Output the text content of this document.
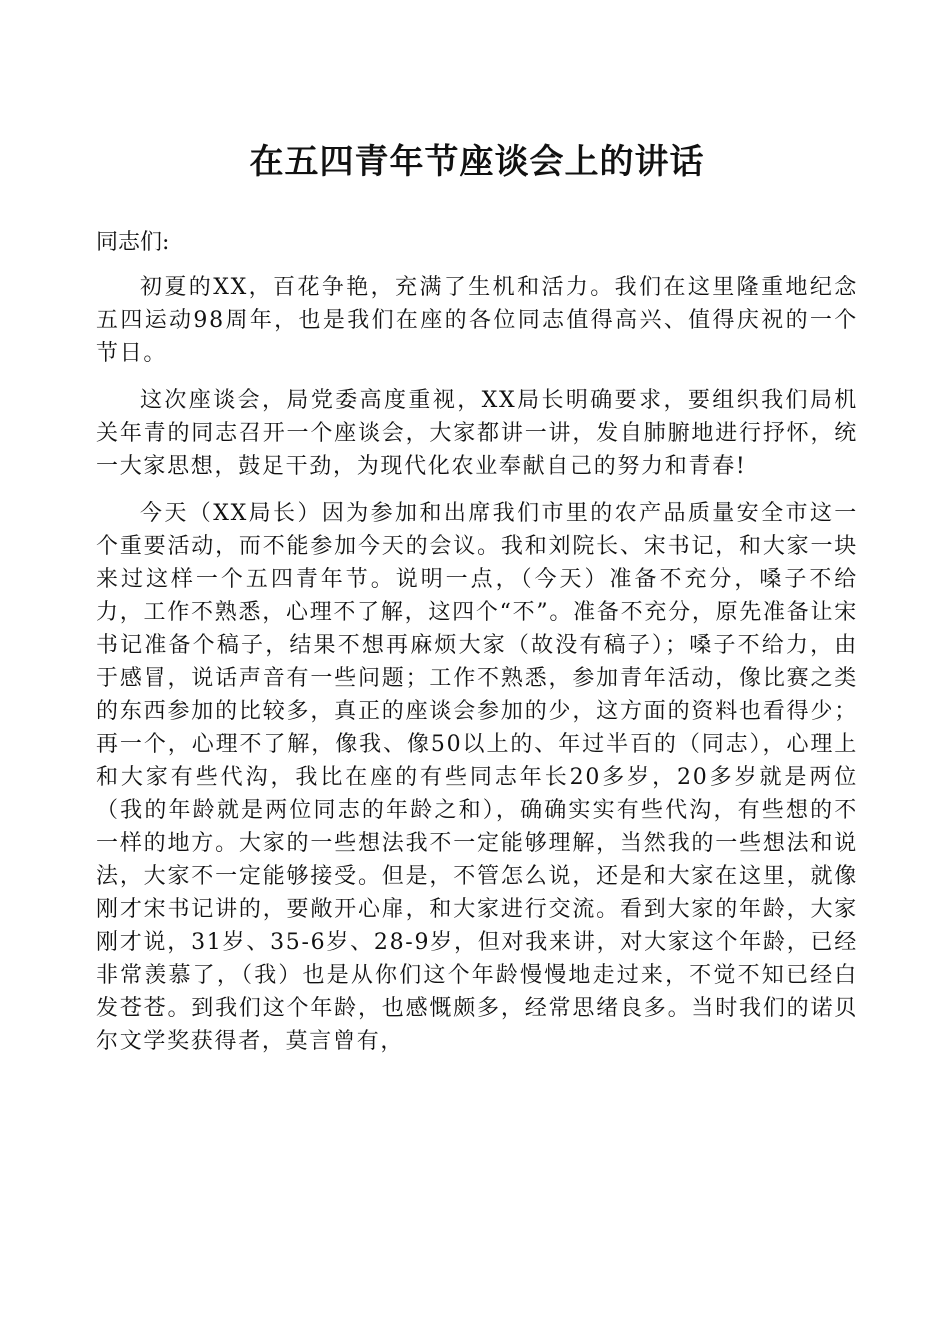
在五四青年节座谈会上的讲话

同志们:

初夏的XX，百花争艳，充满了生机和活力。我们在这里隆重地纪念五四运动98周年，也是我们在座的各位同志值得高兴、值得庆祝的一个节日。

这次座谈会，局党委高度重视，XX局长明确要求，要组织我们局机关年青的同志召开一个座谈会，大家都讲一讲，发自肺腑地进行抒怀，统一大家思想，鼓足干劲，为现代化农业奉献自己的努力和青春!

今天（XX局长）因为参加和出席我们市里的农产品质量安全市这一个重要活动，而不能参加今天的会议。我和刘院长、宋书记，和大家一块来过这样一个五四青年节。说明一点，（今天）准备不充分，嗓子不给力，工作不熟悉，心理不了解，这四个“不”。准备不充分，原先准备让宋书记准备个稿子，结果不想再麻烦大家（故没有稿子）；嗓子不给力，由于感冒，说话声音有一些问题；工作不熟悉，参加青年活动，像比赛之类的东西参加的比较多，真正的座谈会参加的少，这方面的资料也看得少；再一个，心理不了解，像我、像50以上的、年过半百的（同志），心理上和大家有些代沟，我比在座的有些同志年长20多岁，20多岁就是两位（我的年龄就是两位同志的年龄之和），确确实实有些代沟，有些想的不一样的地方。大家的一些想法我不一定能够理解，当然我的一些想法和说法，大家不一定能够接受。但是，不管怎么说，还是和大家在这里，就像刚才宋书记讲的，要敞开心扉，和大家进行交流。看到大家的年龄，大家刚才说，31岁、35-6岁、28-9岁，但对我来讲，对大家这个年龄，已经非常羡慕了，（我）也是从你们这个年龄慢慢地走过来，不觉不知已经白发苍苍。到我们这个年龄，也感慨颇多，经常思绪良多。当时我们的诺贝尔文学奖获得者，莫言曾有，
